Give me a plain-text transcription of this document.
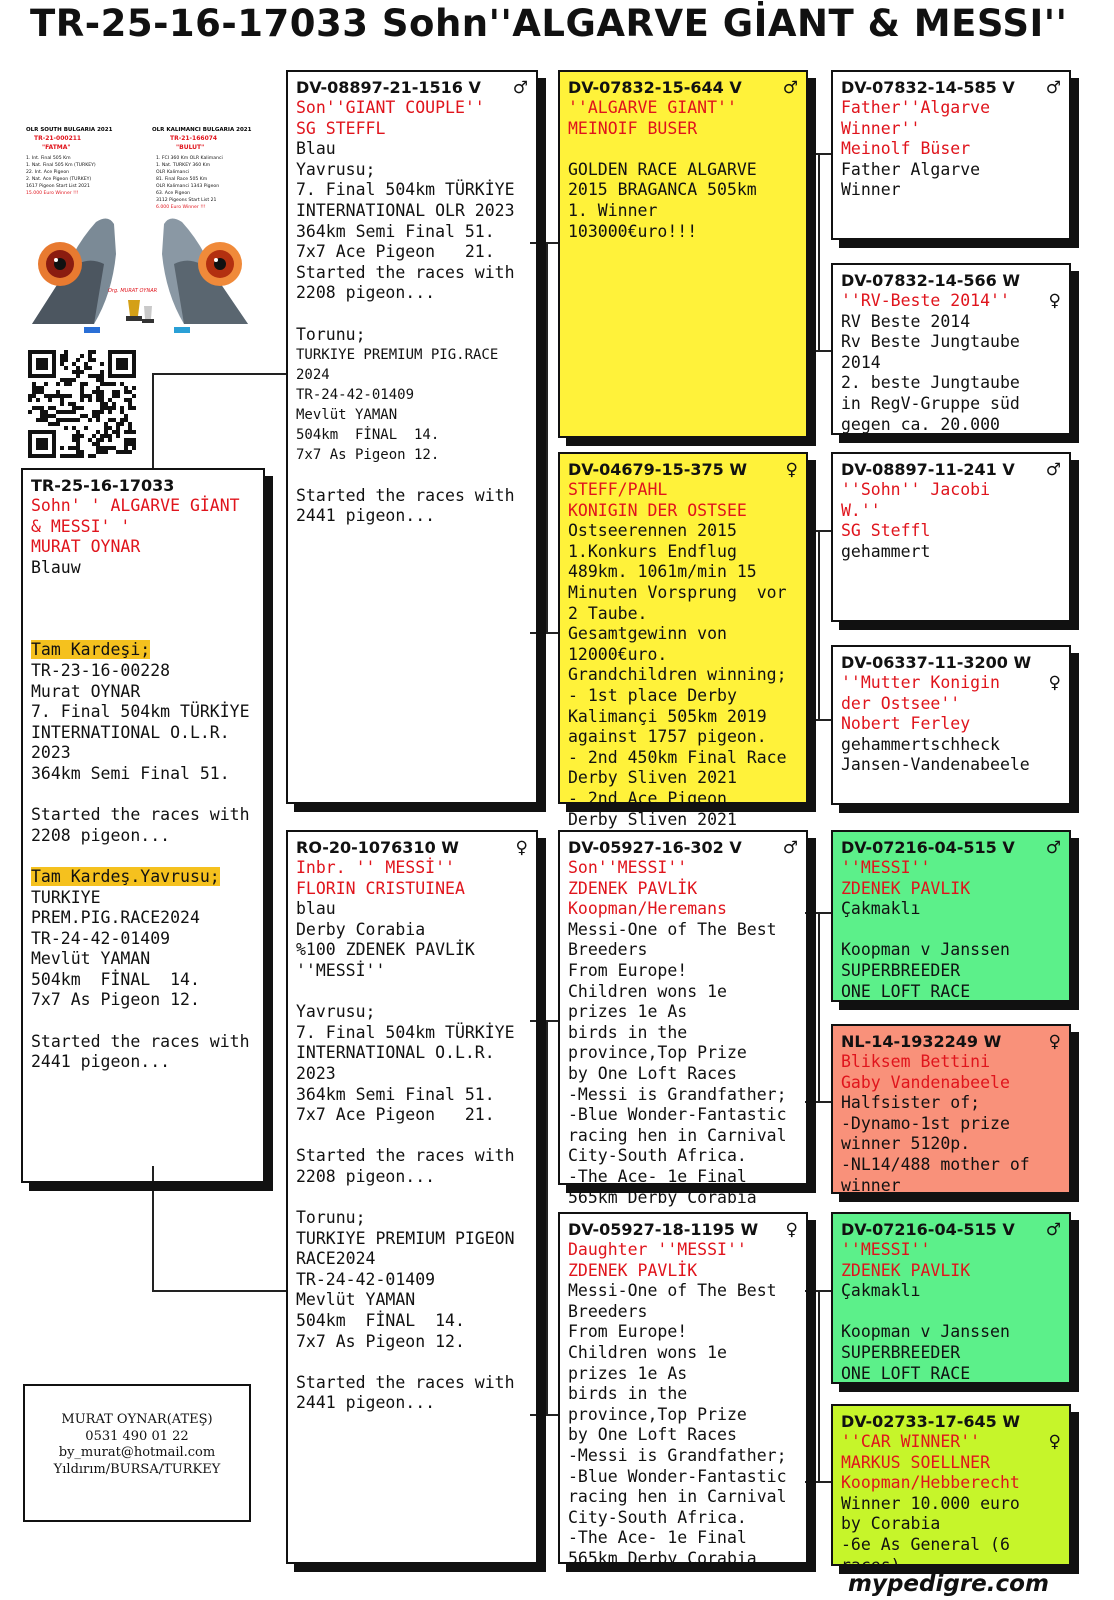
TR-25-16-17033 Sohn''ALGARVE GİANT & MESSI''
OLR SOUTH BULGARIA 2021
TR-21-000211
"FATMA"
1. Int. Final 505 Km
1. Nat. Final 505 Km (TURKEY)
22. Int. Ace Pigeon
2. Nat. Ace Pigeon (TURKEY)
1617 Pigeon Start List 2021
15.000 Euro Winner !!!
OLR KALIMANCI BULGARIA 2021
TR-21-166074
"BULUT"
1. FCI 360 Km OLR Kalimanci
1. Nat. TURKEY 360 Km
OLR Kalimanci
81. Final Race 505 Km
OLR Kalimanci 1343 Pigeon
63. Ace Pigeon
3112 Pigeons Start List 21
6.000 Euro Winner !!!
Org. MURAT OYNAR
TR-25-16-17033
Sohn' ' ALGARVE GİANT
& MESSI' '
MURAT OYNAR
Blauw
Tam Kardeşi;
TR-23-16-00228
Murat OYNAR
7. Final 504km TÜRKİYE
INTERNATIONAL O.L.R.
2023
364km Semi Final 51.

Started the races with
2208 pigeon...

Tam Kardeş.Yavrusu;
TURKIYE
PREM.PIG.RACE2024
TR-24-42-01409
Mevlüt YAMAN
504km  FİNAL  14.
7x7 As Pigeon 12.

Started the races with
2441 pigeon...
DV-08897-21-1516 V ♂
Son''GIANT COUPLE''
SG STEFFL
Blau
Yavrusu;
7. Final 504km TÜRKİYE
INTERNATIONAL OLR 2023
364km Semi Final 51.
7x7 Ace Pigeon   21.
Started the races with
2208 pigeon...

Torunu;
TURKIYE PREMIUM PIG.RACE
2024
TR-24-42-01409
Mevlüt YAMAN
504km  FİNAL  14.
7x7 As Pigeon 12.

Started the races with
2441 pigeon...
RO-20-1076310 W	♀
Inbr. '' MESSİ''
FLORIN CRISTUINEA
blau
Derby Corabia
%100 ZDENEK PAVLİK
''MESSİ''

Yavrusu;
7. Final 504km TÜRKİYE
INTERNATIONAL O.L.R.
2023
364km Semi Final 51.
7x7 Ace Pigeon   21.

Started the races with
2208 pigeon...

Torunu;
TURKIYE PREMIUM PIGEON
RACE2024
TR-24-42-01409
Mevlüt YAMAN
504km  FİNAL  14.
7x7 As Pigeon 12.

Started the races with
2441 pigeon...
DV-07832-15-644 V ♂
''ALGARVE GIANT''
MEINOIF BUSER

GOLDEN RACE ALGARVE
2015 BRAGANCA 505km
1. Winner
103000€uro!!!
DV-04679-15-375 W ♀
STEFF/PAHL
KONIGIN DER OSTSEE
Ostseerennen 2015
1.Konkurs Endflug
489km. 1061m/min 15
Minuten Vorsprung  vor
2 Taube.
Gesamtgewinn von
12000€uro.
Grandchildren winning;
- 1st place Derby
Kalimançi 505km 2019
against 1757 pigeon.
- 2nd 450km Final Race
Derby Sliven 2021
- 2nd Ace Pigeon
Derby Sliven 2021
DV-05927-16-302 V ♂
Son''MESSI''
ZDENEK PAVLİK
Koopman/Heremans
Messi-One of The Best
Breeders
From Europe!
Children wons 1e
prizes 1e As
birds in the
province,Top Prize
by One Loft Races
-Messi is Grandfather;
-Blue Wonder-Fantastic
racing hen in Carnival
City-South Africa.
-The Ace- 1e Final
565km Derby Corabia
DV-05927-18-1195 W ♀
Daughter ''MESSI''
ZDENEK PAVLİK
Messi-One of The Best
Breeders
From Europe!
Children wons 1e
prizes 1e As
birds in the
province,Top Prize
by One Loft Races
-Messi is Grandfather;
-Blue Wonder-Fantastic
racing hen in Carnival
City-South Africa.
-The Ace- 1e Final
565km Derby Corabia
DV-07832-14-585 V ♂
Father''Algarve
Winner''
Meinolf Büser
Father Algarve
Winner
DV-07832-14-566 W
''RV-Beste 2014''	♀
RV Beste 2014
Rv Beste Jungtaube
2014
2. beste Jungtaube
in RegV-Gruppe süd
gegen ca. 20.000
DV-08897-11-241 V ♂
''Sohn'' Jacobi
W.''
SG Steffl
gehammert
DV-06337-11-3200 W
''Mutter Konigin
der Ostsee''
Nobert Ferley
♀
gehammertschheck
Jansen-Vandenabeele
DV-07216-04-515 V ♂
''MESSI''
ZDENEK PAVLIK
Çakmaklı

Koopman v Janssen
SUPERBREEDER
ONE LOFT RACE
NL-14-1932249 W	♀
Bliksem Bettini
Gaby Vandenabeele
Halfsister of;
-Dynamo-1st prize
winner 5120p.
-NL14/488 mother of
winner
DV-07216-04-515 V ♂
''MESSI''
ZDENEK PAVLIK
Çakmaklı

Koopman v Janssen
SUPERBREEDER
ONE LOFT RACE
DV-02733-17-645 W
''CAR WINNER''
MARKUS SOELLNER
Koopman/Hebberecht
♀
Winner 10.000 euro
by Corabia
-6e As General (6
races)
MURAT OYNAR(ATEŞ)
0531 490 01 22
by_murat@hotmail.com
Yıldırım/BURSA/TURKEY
mypedigre.com
